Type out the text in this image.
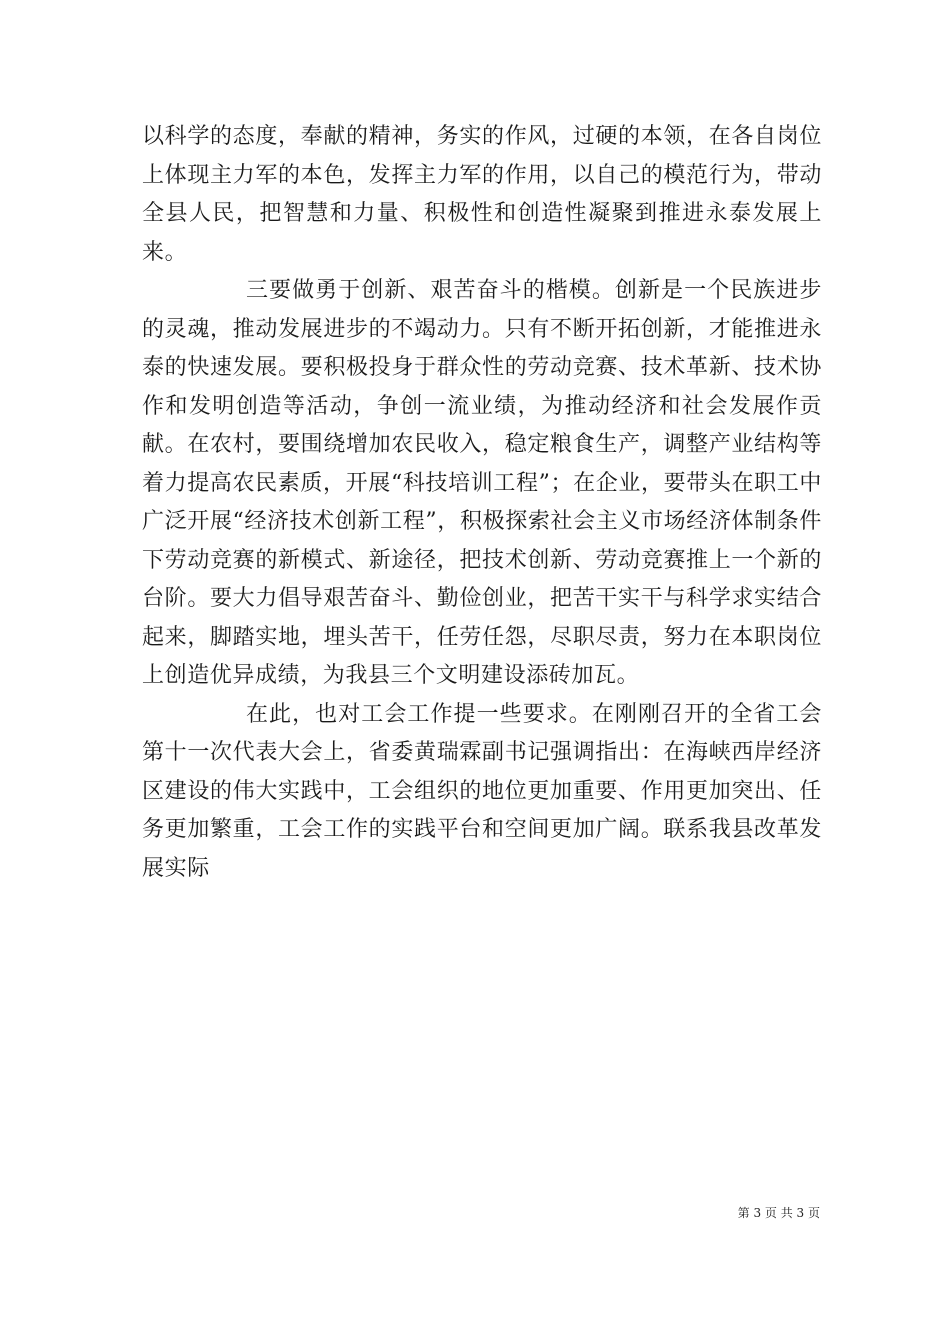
以科学的态度，奉献的精神，务实的作风，过硬的本领，在各自岗位上体现主力军的本色，发挥主力军的作用，以自己的模范行为，带动全县人民，把智慧和力量、积极性和创造性凝聚到推进永泰发展上来。

三要做勇于创新、艰苦奋斗的楷模。创新是一个民族进步的灵魂，推动发展进步的不竭动力。只有不断开拓创新，才能推进永泰的快速发展。要积极投身于群众性的劳动竞赛、技术革新、技术协作和发明创造等活动，争创一流业绩，为推动经济和社会发展作贡献。在农村，要围绕增加农民收入，稳定粮食生产，调整产业结构等着力提高农民素质，开展“科技培训工程”；在企业，要带头在职工中广泛开展“经济技术创新工程”，积极探索社会主义市场经济体制条件下劳动竞赛的新模式、新途径，把技术创新、劳动竞赛推上一个新的台阶。要大力倡导艰苦奋斗、勤俭创业，把苦干实干与科学求实结合起来，脚踏实地，埋头苦干，任劳任怨，尽职尽责，努力在本职岗位上创造优异成绩，为我县三个文明建设添砖加瓦。

在此，也对工会工作提一些要求。在刚刚召开的全省工会第十一次代表大会上，省委黄瑞霖副书记强调指出：在海峡西岸经济区建设的伟大实践中，工会组织的地位更加重要、作用更加突出、任务更加繁重，工会工作的实践平台和空间更加广阔。联系我县改革发展实际

第 3 页 共 3 页
